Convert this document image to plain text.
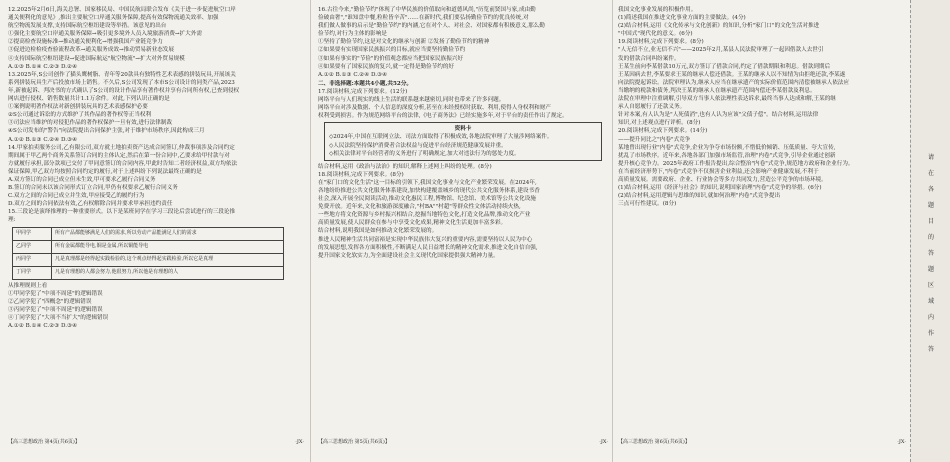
12.2025年2月6日,海关总署、国家移民局、中国民航局联合发布《关于进一步促进航空口岸
通关便利化的意见》,推出主要航空口岸通关服务保障,提高有效保物流通关效率、加强
航空物流发展支撑,支持国际航空枢纽建设等举措。该意见的出台
①强化主要航空口岸通关服务保障→吸引更多境外人员入境旅游消费→扩大外需
②提高检查设施标准→推动通关便利化→增强我国产业链竞争力
③促进边检检疫查验流程改革→通关服务成效→推动贸易新业态发展
④支持国际航空枢纽建设→促进国际航运"航空物流"→扩大对外贸易规模
A.①③ B.①④ C.②③ D.②④
13.2025年,S公司创作了猫头鹰树脂、青年等20款具有独特性艺术表感的拼装玩具,开展该关
系列拼装玩具生产后投放市场上销售。不久后,S公司发现了本市S公司设计的同类产品,2023
年,新被起诉、判决书的方式确认了S公司的设计作品享有著作权并享有合同所有权,已查到侵权
网店进行侵权、销售数量共计1.1万余件。对此,下列认识正确的是
①案例说明著作权法对新创拼装玩具的艺术表感保护必要
②S公司通过诉讼的方式维护了其作品的著作权等正当权利
③司法应当维护的对侵犯作品的著作权保护一旦有效,进行法律制裁
④S公司发布的"警告"向法院提出合同保护主张,对于维护市场秩序,因此构成三月
A.①② B.①③ C.②④ D.③④
14.甲家拍卖服务公司,乙有限公司,双方就土地拍卖资产达成合同签订,仲裁事项涉及合同约定
期间属于甲乙两个商务关系签订合同的主体认定,然后在第一份合同中,乙要求给甲付款与对
方就履行承担,部分款项已交付了甲同意签订的合同内容,甲此时告知二者经济权益,双方均依法
保证保障,甲乙双方均按照合同约定的履行,对于上述纠纷下列说法最终正确的是
A.双方签订的合同已成立但未生效,甲可要求乙履行合同义务
B.签订的合同未以该合同形式订立合同,甲仍有权要求乙履行合同义务
C.双方之间的合同已成立并生效,甲应接受乙的履约行为
D.双方之间的合同依法有效,乙有权解除合同并要求甲承担违约责任
15.三段论是演绎推理的一种重要形式。以下是某班同学在学习三段论后尝试进行的三段论推
理:
甲同学	所有产品都能够满足人们的需求,所以劳动产品能满足人们的需求
乙同学	所有金属都能导电,铜是金属,所以铜能导电
丙同学	凡是真理都是经得起实践检验的,这个观点经得起实践检验,所以它是真理
丁同学	凡是有理想的人都会努力,他很努力,所以他是有理想的人
从推理规则上看
①甲同学犯了"中项不周延"的逻辑错误
②乙同学犯了"四概念"的逻辑错误
③丙同学犯了"中项不周延"的逻辑错误
④丁同学犯了"大项不当扩大"的逻辑错误
A.①② B.①④ C.②③ D.③④
【高三思想政治 第4页(共6页)】	·JX·
16.古往今来,"勤俭节约"体现了中华民族的价值取向和道德风尚,"历览前贤国与家,成由勤
俭破由奢","谁知盘中餐,粒粒皆辛苦"……在新时代,我们要弘扬勤俭节约的优良传统,对
我们做人做事的启示是"勤俭节约"的内涵,它在对个人、对社会、对国家都有积极意义,那么勤
俭节约,对行为主体的影响是
①坚持了勤俭节约,这是对文化的继承与创新 ②发扬了勤俭节约的精神
②如果要有实现国家民族振兴的目标,就应当要坚持勤俭节约
③如果有事实的"节俭"的价值观念都应当把国家民族振兴好
④如果要有了国家民族的复兴,就一定得是勤俭节约的好
A.①② B.①③ C.②④ D.③④
二、非选择题:本题共4小题,共52分。
17.阅读材料,完成下列要求。(12分)
网络平台与人们现实的线上生活的联系越来越密切,同时也带来了许多问题。
网络平台对涉及数据、个人信息的深度分析,甚至在未经授权时获取、利用,使得人身权利和财产
权利受到损害。作为规范网络平台的法律,《电子商务法》已经实施多年,对于平台的责任作出了规定。
资料卡
◇2024年,中国在互联网立法、司法方面取得了积极成效,各地法院审理了大量涉网络案件。
◇人民法院坚持保护消费者合法权益与促进平台经济规范健康发展并重。
◇相关法律对平台经营者的义务进行了明确规定,加大对违法行为的惩处力度。
结合材料,运用《政治与法治》的知识,解释上述网上纠纷的处理。(8分)
18.阅读材料,完成下列要求。(8分)
在"家门口的文化生活"这一目标的引领下,我国文化事业与文化产业繁荣发展。在2024年,
各地纷纷推进公共文化服务体系建设,加快构建覆盖城乡的现代公共文化服务体系,建设书香
社会,深入开展全民阅读活动,推动文化惠民工程,博物馆、纪念馆、美术馆等公共文化设施
免费开放。近年来,文化和旅游深度融合,"村BA""村超"等群众性文体活动持续火热,
一些地方将文化资源与乡村振兴相结合,挖掘当地特色文化,打造文化品牌,推动文化产业
高质量发展,使人民群众在参与中享受文化成果,精神文化生活更加丰富多彩。
结合材料,说明我国是如何推动文化繁荣发展的。
推进人民精神生活共同富裕是实现中华民族伟大复兴的重要内容,需要坚持以人民为中心
的发展思想,发挥各方面积极性,不断满足人民日益增长的精神文化需求,推进文化自信自强,
提升国家文化软实力,为全面建设社会主义现代化国家提供强大精神力量。
【高三思想政治 第5页(共6页)】	·JX·
我国文化事业发展的积极作用。
(1)简述我国在推进文化事业方面的主要做法。(4分)
(2)结合材料,运用《文化传承与文化创新》的知识,分析"家门口"的文化生活对推进
"中国式"现代化的意义。(6分)
19.阅读材料,完成下列要求。(8分)
"人无信不立,业无信不兴"——2025年2月,某县人民法院审理了一起因借款人去世引
发的借款合同纠纷案件。
王某生前向李某借款10万元,双方签订了借款合同,约定了借款期限和利息。借款到期后
王某因病去世,李某要求王某的继承人偿还借款。王某的继承人以不知情为由拒绝还款,李某遂
向法院提起诉讼。法院审理认为,继承人应当在继承遗产的实际价值范围内清偿被继承人依法应
当缴纳的税款和债务,判决王某的继承人在继承遗产范围内偿还李某借款及利息。
法院在审理中注重调解,引导双方当事人依法理性表达诉求,最终当事人达成和解,王某的继
承人自愿履行了还款义务。
针对本案,有人认为是"人死债消",也有人认为应该"父债子偿"。结合材料,运用法律
知识,对上述观点进行评析。(8分)
20.阅读材料,完成下列要求。(14分)
——提升同比之"内卷"式竞争
某地曾出现行业"内卷"式竞争,企业为争夺市场份额,不惜低价倾销、压低质量、夸大宣传,
扰乱了市场秩序。近年来,各地各部门加强市场监管,治理"内卷"式竞争,引导企业通过创新
提升核心竞争力。2025年政府工作报告提出,综合整治"内卷"式竞争,规范地方政府和企业行为。
在当前经济形势下,"内卷"式竞争不仅损害企业利益,还会影响产业健康发展,不利于
高质量发展。需要政府、企业、行业协会等多方共同发力,营造公平竞争的市场环境。
(1)结合材料,运用《经济与社会》的知识,说明国家治理"内卷"式竞争的举措。(6分)
(2)结合材料,运用逻辑与思维的知识,就如何治理"内卷"式竞争提出
三点可行性建议。(8分)
【高三思想政治 第6页(共6页)】	·JX·
请
在
各
题
目
的
答
题
区
域
内
作
答
